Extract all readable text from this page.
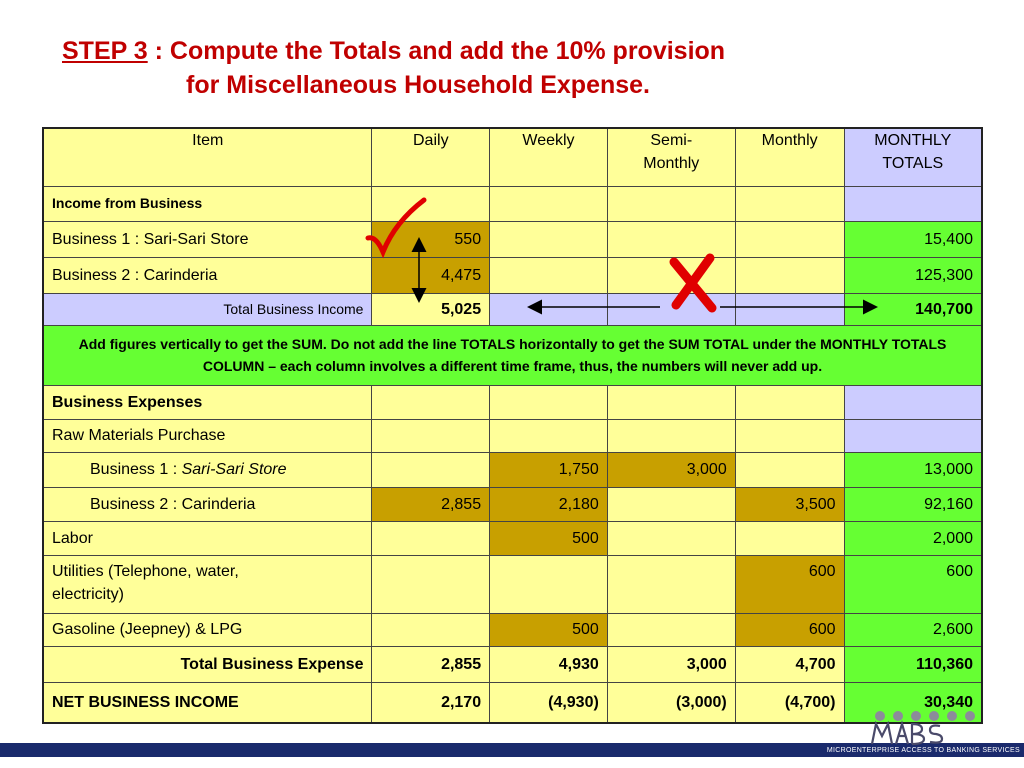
STEP 3 : Compute the Totals and add the 10% provision
for Miscellaneous Household Expense.
Item	Daily	Weekly	Semi-Monthly	Monthly	MONTHLY TOTALS
Income from Business					
Business 1 : Sari-Sari Store	550				15,400
Business 2 : Carinderia	4,475				125,300
Total Business Income	5,025				140,700
Add figures vertically to get the SUM. Do not add the line TOTALS horizontally to get the SUM TOTAL under the MONTHLY TOTALS COLUMN – each column involves a different time frame, thus, the numbers will never add up.					
Business Expenses					
Raw Materials Purchase					
Business 1 : Sari-Sari Store		1,750	3,000		13,000
Business 2 : Carinderia	2,855	2,180		3,500	92,160
Labor		500			2,000
Utilities (Telephone, water, electricity)				600	600
Gasoline (Jeepney) & LPG		500		600	2,600
Total Business Expense	2,855	4,930	3,000	4,700	110,360
NET BUSINESS INCOME	2,170	(4,930)	(3,000)	(4,700)	30,340
MICROENTERPRISE ACCESS TO BANKING SERVICES
